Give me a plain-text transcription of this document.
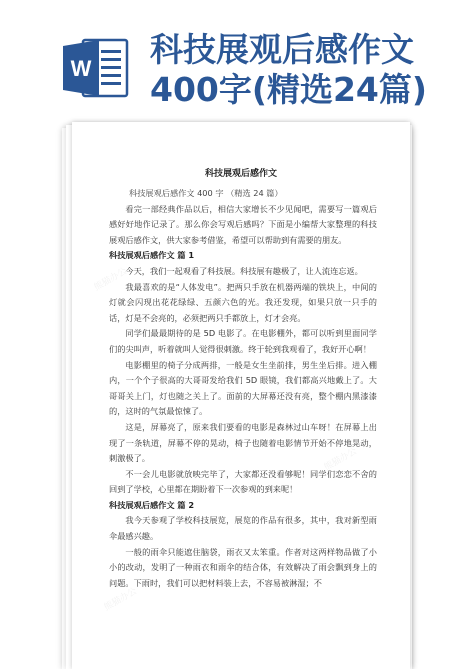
W 科技展观后感作文
400字(精选24篇)
科技展观后感作文

科技展观后感作文 400 字 （精选 24 篇）

看完一部经典作品以后，相信大家增长不少见闻吧，需要写一篇观后感好好地作记录了。那么你会写观后感吗？下面是小编帮大家整理的科技展观后感作文，供大家参考借鉴，希望可以帮助到有需要的朋友。

科技展观后感作文 篇 1

今天，我们一起观看了科技展。科技展有趣极了，让人流连忘返。

我最喜欢的是“人体发电”。把两只手放在机器两端的铁块上，中间的灯就会闪现出花花绿绿、五颜六色的光。我还发现，如果只放一只手的话，灯是不会亮的，必须把两只手都放上，灯才会亮。

同学们最最期待的是 5D 电影了。在电影棚外，都可以听到里面同学们的尖叫声，听着就叫人觉得很刺激。终于轮到我观看了，我好开心啊！

电影棚里的椅子分成两排，一般是女生坐前排，男生坐后排。进入棚内，一个个子很高的大哥哥发给我们 5D 眼镜，我们都高兴地戴上了。大哥哥关上门，灯也随之关上了。面前的大屏幕还没有亮，整个棚内黑漆漆的，这时的气氛最惊悚了。

这是，屏幕亮了，原来我们要看的电影是森林过山车呀！在屏幕上出现了一条轨道，屏幕不停的晃动，椅子也随着电影情节开始不停地晃动，刺激极了。

不一会儿电影就放映完毕了，大家都还没看够呢！同学们恋恋不舍的回到了学校，心里都在期盼着下一次参观的到来呢！

科技展观后感作文 篇 2

我今天参观了学校科技展览，展览的作品有很多，其中，我对新型雨伞最感兴趣。

一般的雨伞只能遮住脑袋，雨衣又太笨重。作者对这两样物品做了小小的改动，发明了一种雨衣和雨伞的结合体，有效解决了雨会飘到身上的问题。下雨时，我们可以把材料装上去，不容易被淋湿；不

熊猫办公
熊猫办公
熊猫办公
